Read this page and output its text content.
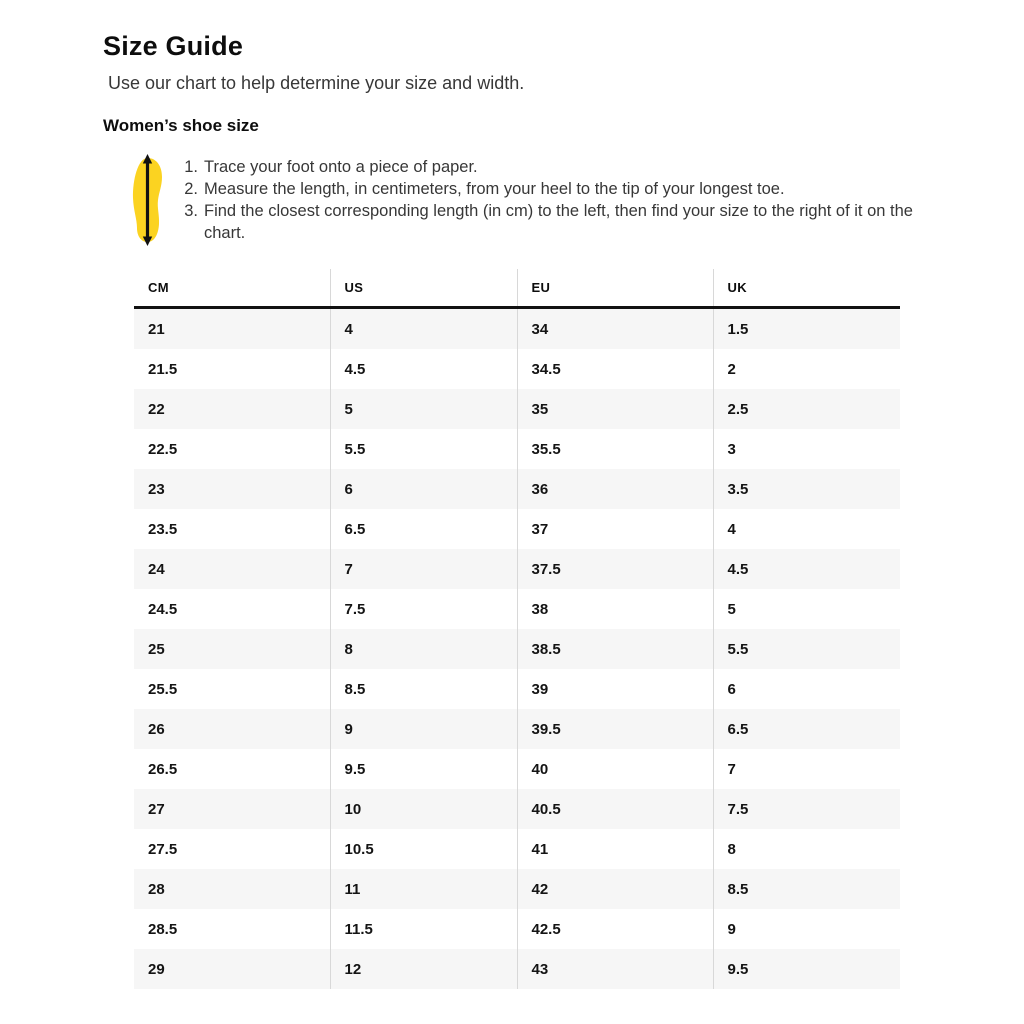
Size Guide

Use our chart to help determine your size and width.

Women’s shoe size
1. Trace your foot onto a piece of paper.
2. Measure the length, in centimeters, from your heel to the tip of your longest toe.
3. Find the closest corresponding length (in cm) to the left, then find your size to the right of it on the chart.
CM	US	EU	UK
21	4	34	1.5
21.5	4.5	34.5	2
22	5	35	2.5
22.5	5.5	35.5	3
23	6	36	3.5
23.5	6.5	37	4
24	7	37.5	4.5
24.5	7.5	38	5
25	8	38.5	5.5
25.5	8.5	39	6
26	9	39.5	6.5
26.5	9.5	40	7
27	10	40.5	7.5
27.5	10.5	41	8
28	11	42	8.5
28.5	11.5	42.5	9
29	12	43	9.5
